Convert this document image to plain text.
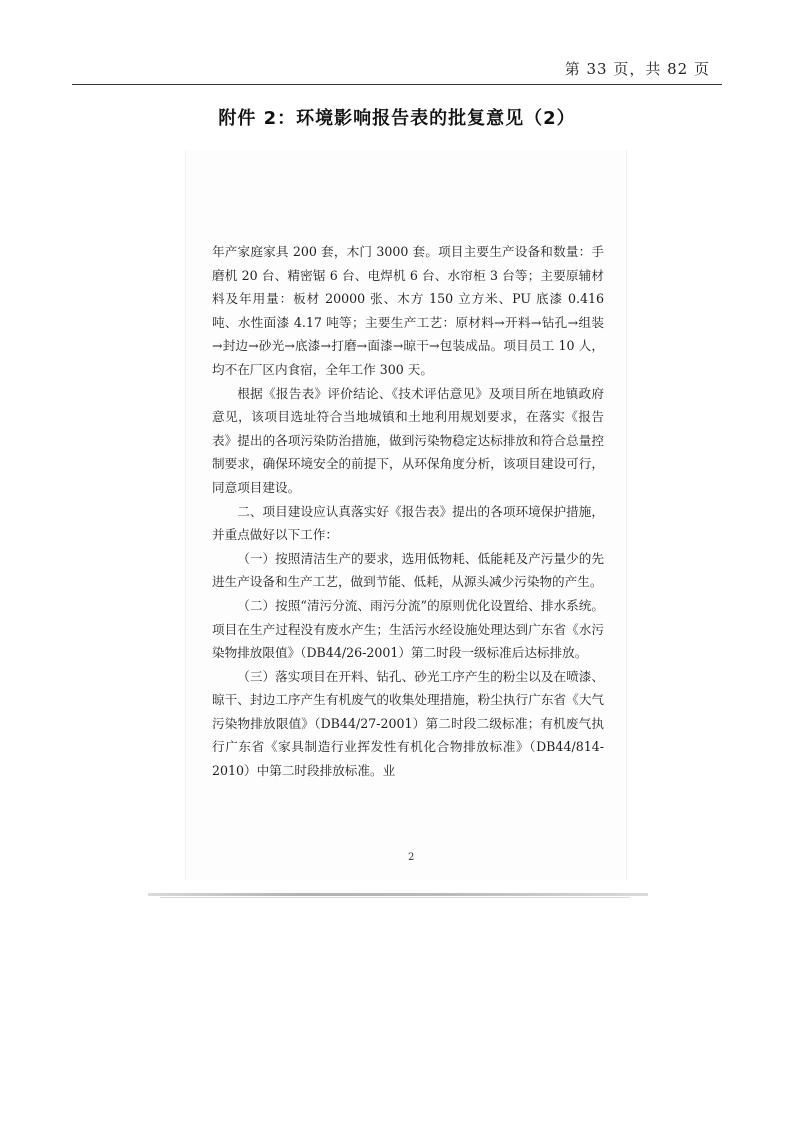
第 33 页，共 82 页
附件 2：环境影响报告表的批复意见（2）

年产家庭家具 200 套，木门 3000 套。项目主要生产设备和数量：手磨机 20 台、精密锯 6 台、电焊机 6 台、水帘柜 3 台等；主要原辅材料及年用量：板材 20000 张、木方 150 立方米、PU 底漆 0.416 吨、水性面漆 4.17 吨等；主要生产工艺：原材料→开料→钻孔→组装→封边→砂光→底漆→打磨→面漆→晾干→包装成品。项目员工 10 人，均不在厂区内食宿，全年工作 300 天。

根据《报告表》评价结论、《技术评估意见》及项目所在地镇政府意见，该项目选址符合当地城镇和土地利用规划要求，在落实《报告表》提出的各项污染防治措施，做到污染物稳定达标排放和符合总量控制要求，确保环境安全的前提下，从环保角度分析，该项目建设可行，同意项目建设。

二、项目建设应认真落实好《报告表》提出的各项环境保护措施，并重点做好以下工作：

（一）按照清洁生产的要求，选用低物耗、低能耗及产污量少的先进生产设备和生产工艺，做到节能、低耗，从源头减少污染物的产生。

（二）按照“清污分流、雨污分流”的原则优化设置给、排水系统。项目在生产过程没有废水产生；生活污水经设施处理达到广东省《水污染物排放限值》（DB44/26-2001）第二时段一级标准后达标排放。

（三）落实项目在开料、钻孔、砂光工序产生的粉尘以及在喷漆、晾干、封边工序产生有机废气的收集处理措施，粉尘执行广东省《大气污染物排放限值》（DB44/27-2001）第二时段二级标准；有机废气执行广东省《家具制造行业挥发性有机化合物排放标准》（DB44/814-2010）中第二时段排放标准。业

2
